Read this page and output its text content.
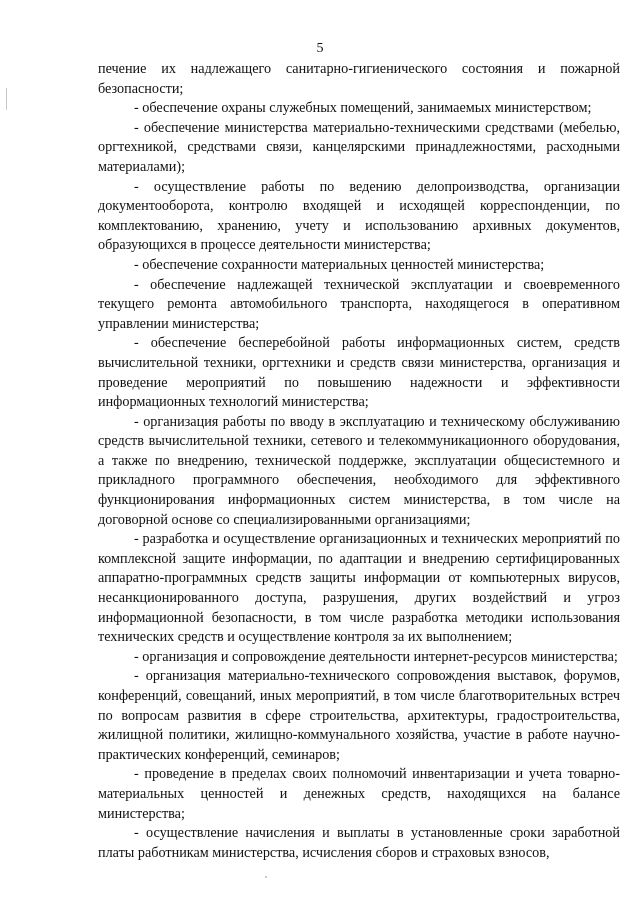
5

печение их надлежащего санитарно-гигиенического состояния и пожарной безопасности;

- обеспечение охраны служебных помещений, занимаемых министерством;

- обеспечение министерства материально-техническими средствами (мебелью, оргтехникой, средствами связи, канцелярскими принадлежностями, расходными материалами);

- осуществление работы по ведению делопроизводства, организации документооборота, контролю входящей и исходящей корреспонденции, по комплектованию, хранению, учету и использованию архивных документов, образующихся в процессе деятельности министерства;

- обеспечение сохранности материальных ценностей министерства;

- обеспечение надлежащей технической эксплуатации и своевременного текущего ремонта автомобильного транспорта, находящегося в оперативном управлении министерства;

- обеспечение бесперебойной работы информационных систем, средств вычислительной техники, оргтехники и средств связи министерства, организация и проведение мероприятий по повышению надежности и эффективности информационных технологий министерства;

- организация работы по вводу в эксплуатацию и техническому обслуживанию средств вычислительной техники, сетевого и телекоммуникационного оборудования, а также по внедрению, технической поддержке, эксплуатации общесистемного и прикладного программного обеспечения, необходимого для эффективного функционирования информационных систем министерства, в том числе на договорной основе со специализированными организациями;

- разработка и осуществление организационных и технических мероприятий по комплексной защите информации, по адаптации и внедрению сертифицированных аппаратно-программных средств защиты информации от компьютерных вирусов, несанкционированного доступа, разрушения, других воздействий и угроз информационной безопасности, в том числе разработка методики использования технических средств и осуществление контроля за их выполнением;

- организация и сопровождение деятельности интернет-ресурсов министерства;

- организация материально-технического сопровождения выставок, форумов, конференций, совещаний, иных мероприятий, в том числе благотворительных встреч по вопросам развития в сфере строительства, архитектуры, градостроительства, жилищной политики, жилищно-коммунального хозяйства, участие в работе научно-практических конференций, семинаров;

- проведение в пределах своих полномочий инвентаризации и учета товарно-материальных ценностей и денежных средств, находящихся на балансе министерства;

- осуществление начисления и выплаты в установленные сроки заработной платы работникам министерства, исчисления сборов и страховых взносов,
